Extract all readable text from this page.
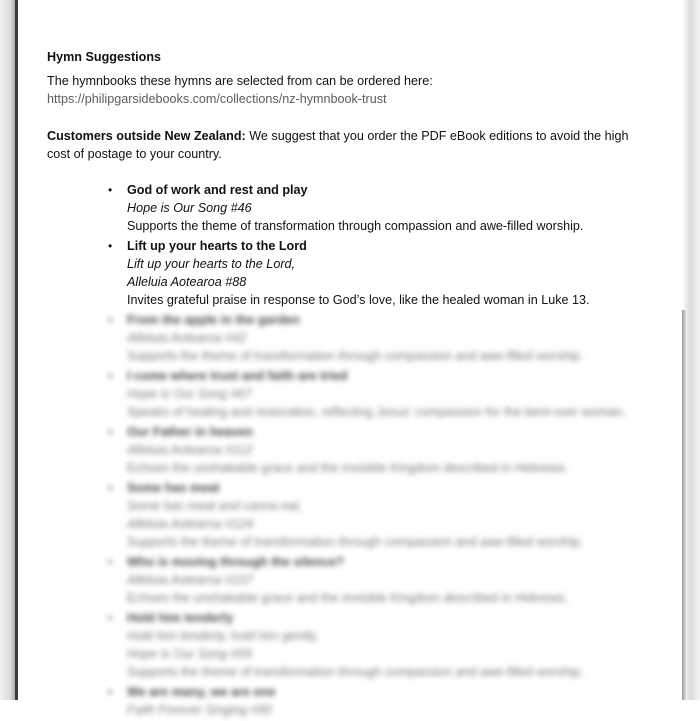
Hymn Suggestions

The hymnbooks these hymns are selected from can be ordered here:

https://philipgarsidebooks.com/collections/nz-hymnbook-trust

Customers outside New Zealand: We suggest that you order the PDF eBook editions to avoid the high cost of postage to your country.

• God of work and rest and play
Hope is Our Song #46
Supports the theme of transformation through compassion and awe-filled worship.
• Lift up your hearts to the Lord
Lift up your hearts to the Lord,
Alleluia Aotearoa #88
Invites grateful praise in response to God’s love, like the healed woman in Luke 13.
• From the apple in the garden
Alleluia Aotearoa #42
Supports the theme of transformation through compassion and awe-filled worship.
• I come where trust and faith are tried
Hope is Our Song #67
Speaks of healing and restoration, reflecting Jesus’ compassion for the bent-over woman.
• Our Father in heaven
Alleluia Aotearoa #112
Echoes the unshakable grace and the invisible Kingdom described in Hebrews.
• Some has meat
Some has meat and canna eat,
Alleluia Aotearoa #124
Supports the theme of transformation through compassion and awe-filled worship.
• Who is moving through the silence?
Alleluia Aotearoa #157
Echoes the unshakable grace and the invisible Kingdom described in Hebrews.
• Hold him tenderly
Hold him tenderly, hold him gently,
Hope is Our Song #59
Supports the theme of transformation through compassion and awe-filled worship.
• We are many, we are one
Faith Forever Singing #90
